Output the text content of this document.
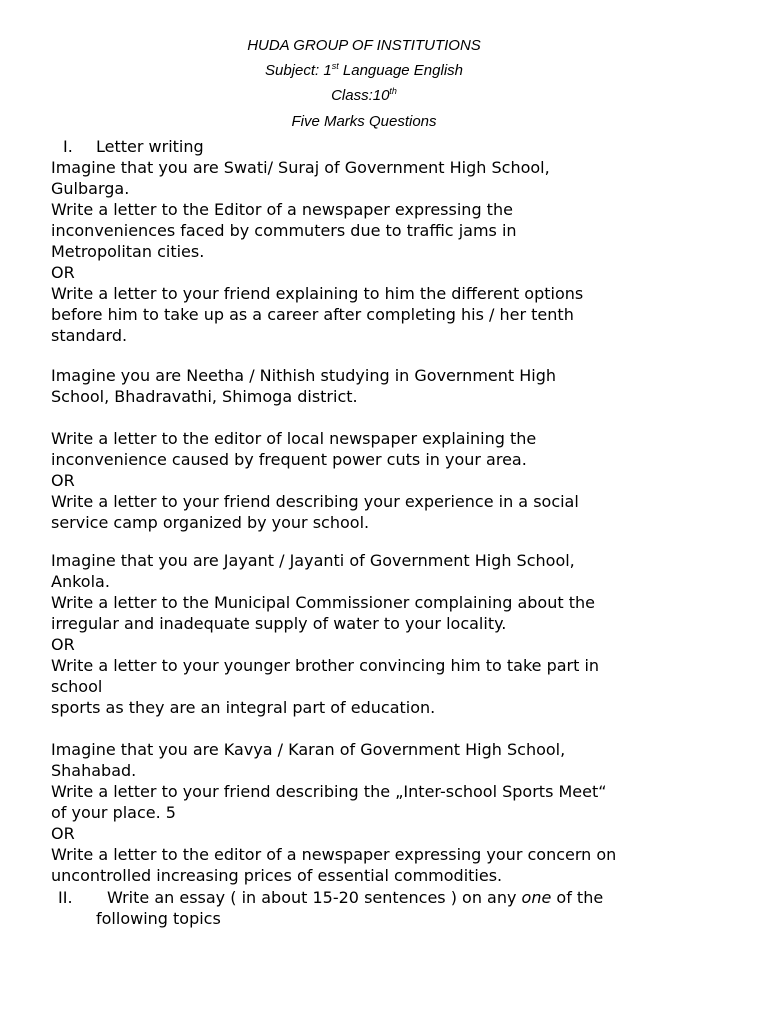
HUDA GROUP OF INSTITUTIONS
Subject: 1st Language English
Class:10th
Five Marks Questions
I. Letter writing
Imagine that you are Swati/ Suraj of Government High School,
Gulbarga.
Write a letter to the Editor of a newspaper expressing the
inconveniences faced by commuters due to traffic jams in
Metropolitan cities.
OR
Write a letter to your friend explaining to him the different options
before him to take up as a career after completing his / her tenth
standard.
Imagine you are Neetha / Nithish studying in Government High
School, Bhadravathi, Shimoga district.
Write a letter to the editor of local newspaper explaining the
inconvenience caused by frequent power cuts in your area.
OR
Write a letter to your friend describing your experience in a social
service camp organized by your school.
Imagine that you are Jayant / Jayanti of Government High School,
Ankola.
Write a letter to the Municipal Commissioner complaining about the
irregular and inadequate supply of water to your locality.
OR
Write a letter to your younger brother convincing him to take part in
school
sports as they are an integral part of education.
Imagine that you are Kavya / Karan of Government High School,
Shahabad.
Write a letter to your friend describing the „Inter-school Sports Meet“
of your place. 5
OR
Write a letter to the editor of a newspaper expressing your concern on
uncontrolled increasing prices of essential commodities.
II. Write an essay ( in about 15-20 sentences ) on any one of the
following topics
